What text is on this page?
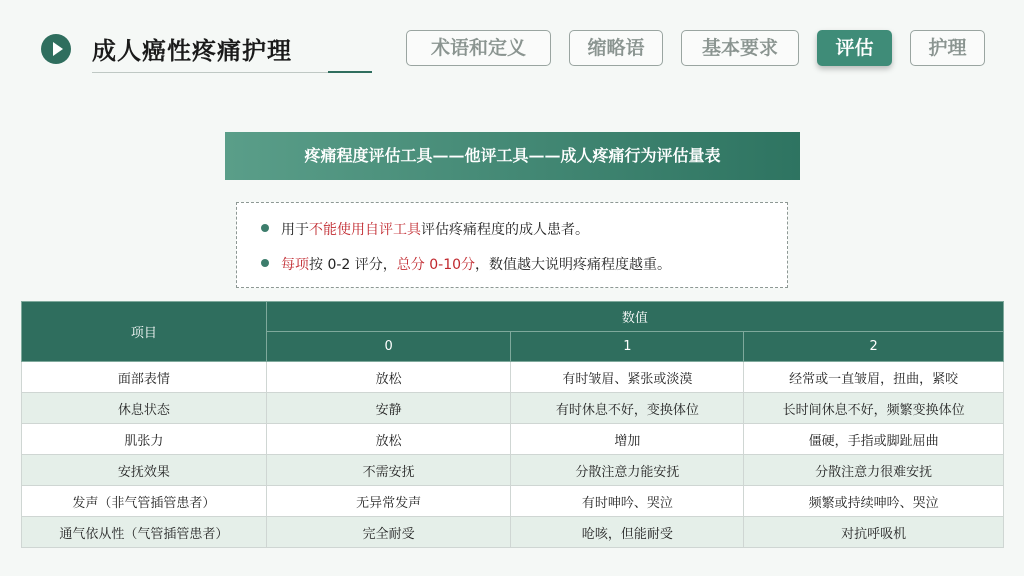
成人癌性疼痛护理	术语和定义	缩略语	基本要求	评估	护理
疼痛程度评估工具——他评工具——成人疼痛行为评估量表
用于不能使用自评工具评估疼痛程度的成人患者。
每项按 0-2 评分，总分 0-10分，数值越大说明疼痛程度越重。
项目	数值		
	0	1	2
面部表情	放松	有时皱眉、紧张或淡漠	经常或一直皱眉，扭曲，紧咬
休息状态	安静	有时休息不好，变换体位	长时间休息不好，频繁变换体位
肌张力	放松	增加	僵硬，手指或脚趾屈曲
安抚效果	不需安抚	分散注意力能安抚	分散注意力很难安抚
发声（非气管插管患者）	无异常发声	有时呻吟、哭泣	频繁或持续呻吟、哭泣
通气依从性（气管插管患者）	完全耐受	呛咳，但能耐受	对抗呼吸机
